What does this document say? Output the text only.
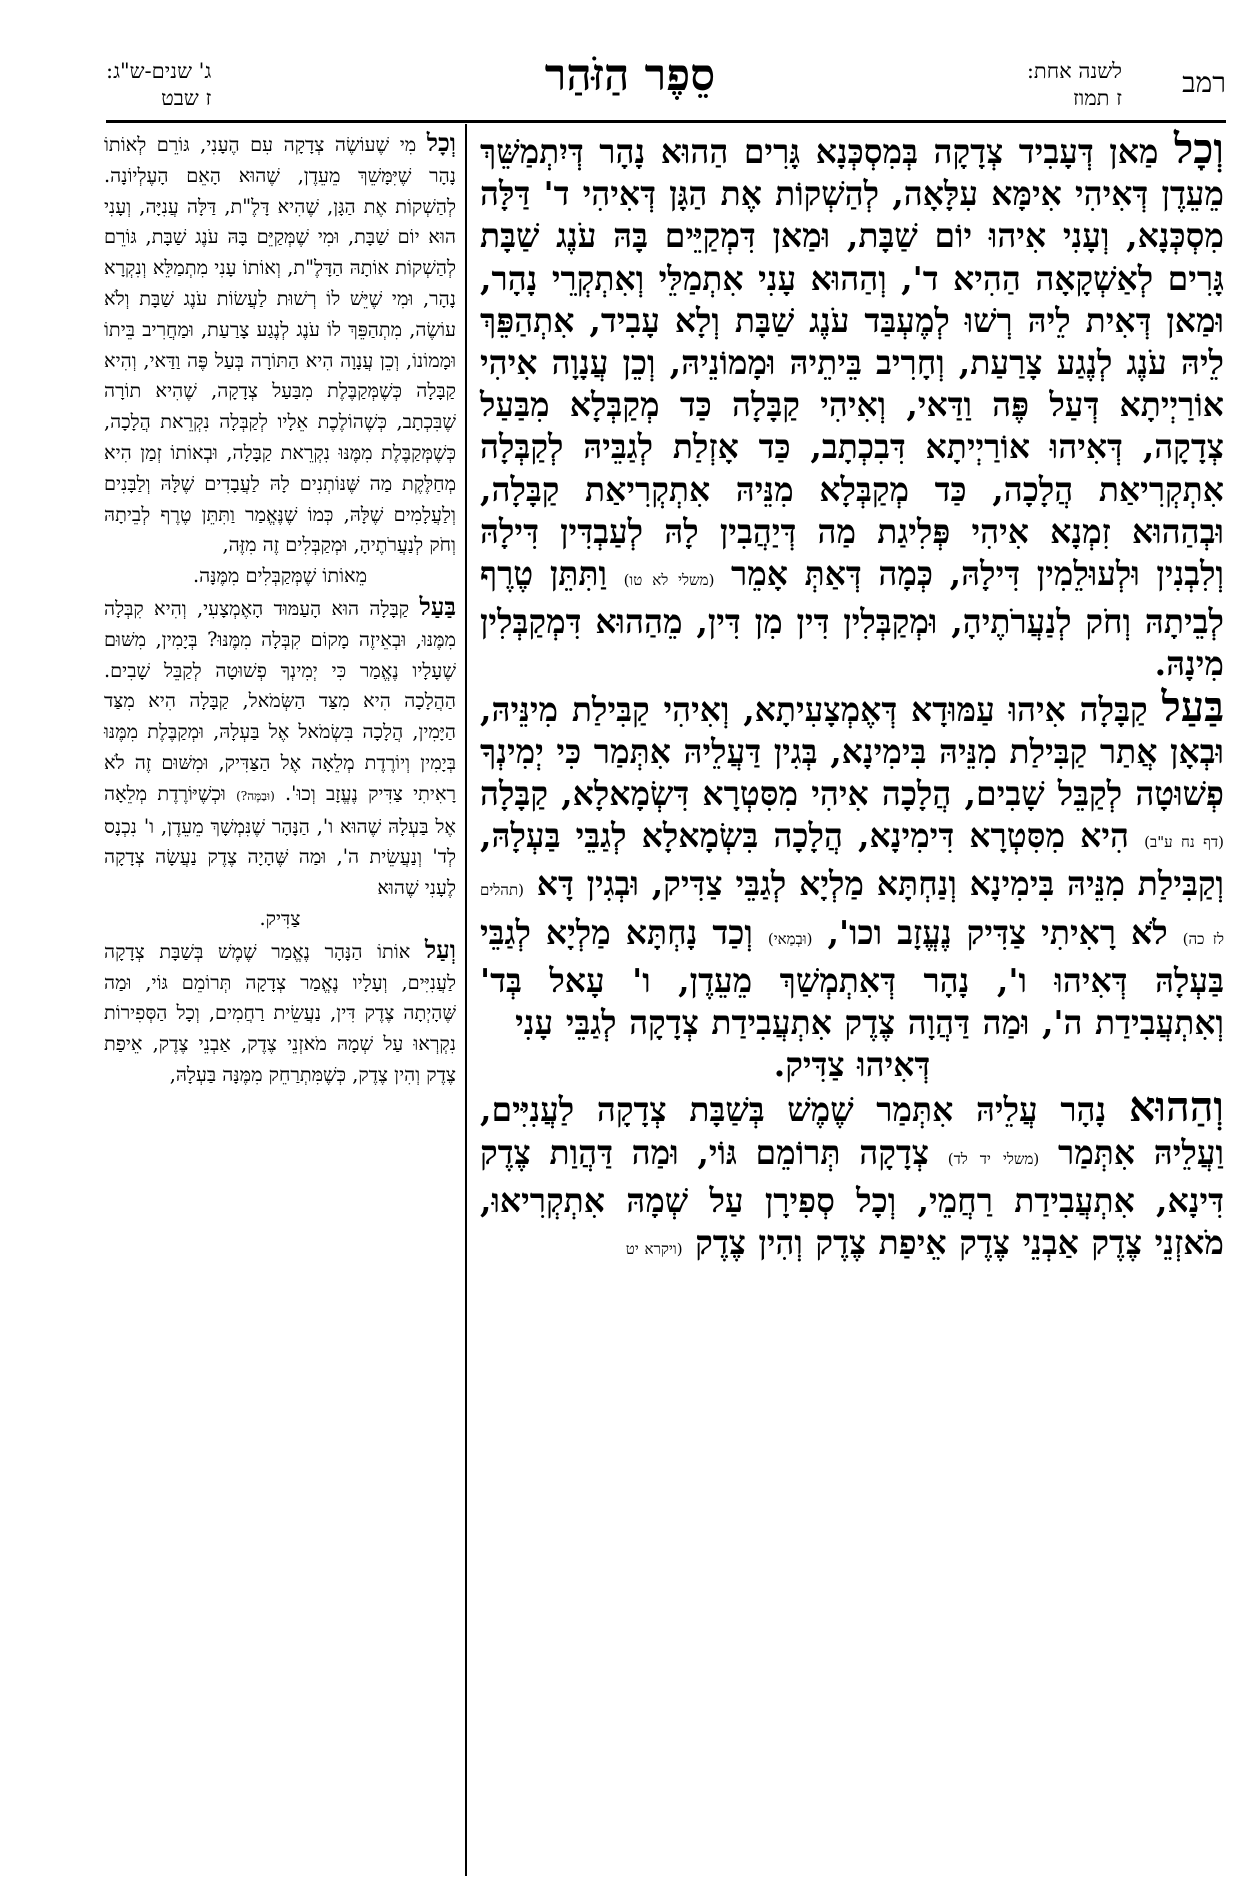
רמב
לשנה אחת:
ז תמוז
סֵפֶר הַזֹּהַר
ג' שנים-ש"ג:
ז שבט

וְכָל מַאן דְּעָבִיד צְדָקָה בְּמִסְכְּנָא גָּרִים הַהוּא נָהָר דְּיִתְמַשֵּׁךְ מֵעֵדֶן דְּאִיהִי אִימָּא עִלָּאָה, לְהַשְׁקוֹת אֶת הַגָּן דְּאִיהִי ד' דַּלָּה מִסְכְּנָא, וְעָנִי אִיהוּ יוֹם שַׁבָּת, וּמַאן דִּמְקַיֵּים בָּהּ עֹנֶג שַׁבָּת גָּרִים לְאַשְׁקָאָה הַהִיא ד', וְהַהוּא עָנִי אִתְמַלֵּי וְאִתְקְרֵי נָהָר, וּמַאן דְּאִית לֵיהּ רְשׁוּ לְמֶעְבַּד עֹנֶג שַׁבָּת וְלָא עָבִיד, אִתְהַפֵּךְ לֵיהּ עֹנֶג לְנֶגַע צָרַעַת, וְחָרִיב בֵּיתֵיהּ וּמָמוֹנֵיהּ, וְכֵן עֲנָוָה אִיהִי אוֹרַיְיתָא דְּעַל פֶּה וַדַּאי, וְאִיהִי קַבָּלָה כַּד מְקַבְּלָא מִבַּעַל צְדָקָה, דְּאִיהוּ אוֹרַיְיתָא דִּבִכְתָב, כַּד אָזְלַת לְגַבֵּיהּ לְקַבְּלָה אִתְקְרִיאַת הֲלָכָה, כַּד מְקַבְּלָא מִנֵּיהּ אִתְקְרִיאַת קַבָּלָה, וּבְהַהוּא זִמְנָא אִיהִי פְּלִיגַת מַה דְּיַהֲבִין לָהּ לְעַבְדִּין דִּילָהּ וְלִבְנִין וּלְעוּלֵמִין דִּילָהּ, כְּמָה דְּאַתְּ אָמֵר (משלי לא טו) וַתִּתֵּן טֶרֶף לְבֵיתָהּ וְחֹק לְנַעֲרֹתֶיהָ, וּמְקַבְּלִין דִּין מִן דִּין, מֵהַהוּא דִּמְקַבְּלִין מִינָהּ.

בַּעַל קַבָּלָה אִיהוּ עַמּוּדָא דְּאֶמְצָעִיתָא, וְאִיהִי קַבִּילַת מִינֵּיהּ, וּבְאָן אֲתַר קַבִּילַת מִנֵּיהּ בִּימִינָא, בְּגִין דַּעֲלֵיהּ אִתְּמַר כִּי יְמִינְךָ פְשׁוּטָה לְקַבֵּל שָׁבִים, הֲלָכָה אִיהִי מִסִּטְרָא דִּשְׂמָאלָא, קַבָּלָה (דף נח ע"ב) הִיא מִסִּטְרָא דִּימִינָא, הֲלָכָה בִּשְׂמָאלָא לְגַבֵּי בַּעְלָהּ, וְקַבִּילַת מִנֵּיהּ בִּימִינָא וְנַחְתָּא מַלְיָא לְגַבֵּי צַדִּיק, וּבְגִין דָּא (תהלים לז כה) לֹא רָאִיתִי צַדִּיק נֶעֱזָב וכו', (וּבְמַאי) וְכַד נָחְתָּא מַלְיָא לְגַבֵּי בַּעְלָהּ דְּאִיהוּ ו', נָהָר דְּאִתְמְשַׁךְ מֵעֵדֶן, ו' עָאל בְּד' וְאִתְעֲבִידַת ה', וּמַה דַּהֲוָה צֶדֶק אִתְעֲבִידַת צְדָקָה לְגַבֵּי עָנִי

דְּאִיהוּ צַדִּיק.

וְהַהוּא נָהָר עֲלֵיהּ אִתְּמַר שֶׁמֶשׁ בְּשַׁבָּת צְדָקָה לַעֲנִיִּים, וַעֲלֵיהּ אִתְּמַר (משלי יד לד) צְדָקָה תְּרוֹמֵם גּוֹי, וּמַה דַּהֲוַת צֶדֶק דִּינָא, אִתְעֲבִידַת רַחֲמֵי, וְכָל סְפִירָן עַל שְׁמָהּ אִתְקְרִיאוּ, מֹאזְנֵי צֶדֶק אַבְנֵי צֶדֶק אֵיפַת צֶדֶק וְהִין צֶדֶק (ויקרא יט

וְכָל מִי שֶׁעוֹשֶׂה צְדָקָה עִם הֶעָנִי, גּוֹרֵם לְאוֹתוֹ נָהָר שֶׁיִּמָּשֵׁךְ מֵעֵדֶן, שֶׁהוּא הָאֵם הָעֶלְיוֹנָה. לְהַשְׁקוֹת אֶת הַגָּן, שֶׁהִיא דָּלֶ"ת, דַּלָּה עֲנִיָּה, וְעָנִי הוּא יוֹם שַׁבָּת, וּמִי שֶׁמְּקַיֵּם בָּהּ עֹנֶג שַׁבָּת, גּוֹרֵם לְהַשְׁקוֹת אוֹתָהּ הַדָּלֶ"ת, וְאוֹתוֹ עָנִי מִתְמַלֵּא וְנִקְרָא נָהָר, וּמִי שֶׁיֵּשׁ לוֹ רְשׁוּת לַעֲשׂוֹת עֹנֶג שַׁבָּת וְלֹא עוֹשֶׂה, מִתְהַפֵּךְ לוֹ עֹנֶג לְנֶגַע צָרַעַת, וּמַחֲרִיב בֵּיתוֹ וּמָמוֹנוֹ, וְכֵן עֲנָוָה הִיא הַתּוֹרָה בְּעַל פֶּה וַדַּאי, וְהִיא קַבָּלָה כְּשֶׁמְּקַבֶּלֶת מִבַּעַל צְדָקָה, שֶׁהִיא תוֹרָה שֶׁבִּכְתָב, כְּשֶׁהוֹלֶכֶת אֵלָיו לְקַבְּלָה נִקְרֵאת הֲלָכָה, כְּשֶׁמְּקַבֶּלֶת מִמֶּנּוּ נִקְרֵאת קַבָּלָה, וּבְאוֹתוֹ זְמַן הִיא מְחַלֶּקֶת מַה שֶּׁנּוֹתְנִים לָהּ לַעֲבָדִים שֶׁלָּהּ וְלַבָּנִים וְלַעֲלָמִים שֶׁלָּהּ, כְּמוֹ שֶׁנֶּאֱמַר וַתִּתֵּן טֶרֶף לְבֵיתָהּ וְחֹק לְנַעֲרֹתֶיהָ, וּמְקַבְּלִים זֶה מִזֶּה,

מֵאוֹתוֹ שֶׁמְּקַבְּלִים מִמֶּנָּה.

בַּעַל קַבָּלָה הוּא הָעַמּוּד הָאֶמְצָעִי, וְהִיא קִבְּלָה מִמֶּנּוּ, וּבְאֵיזֶה מָקוֹם קִבְּלָה מִמֶּנּוּ? בְּיָמִין, מִשּׁוּם שֶׁעָלָיו נֶאֱמַר כִּי יְמִינְךָ פְשׁוּטָה לְקַבֵּל שָׁבִים. הַהֲלָכָה הִיא מִצַּד הַשְּׂמֹאל, קַבָּלָה הִיא מִצַּד הַיָּמִין, הֲלָכָה בִּשְׂמֹאל אֶל בַּעְלָהּ, וּמְקַבֶּלֶת מִמֶּנּוּ בְּיָמִין וְיוֹרֶדֶת מְלֵאָה אֶל הַצַּדִּיק, וּמִשּׁוּם זֶה לֹא רָאִיתִי צַדִּיק נֶעֱזָב וְכוּ'. (וּבַמֶּה?) וּכְשֶׁיּוֹרֶדֶת מְלֵאָה אֶל בַּעְלָהּ שֶׁהוּא ו', הַנָּהָר שֶׁנִּמְשָׁךְ מֵעֵדֶן, ו' נִכְנָס לְד' וְנַעֲשֵׂית ה', וּמַה שֶּׁהָיָה צֶדֶק נַעֲשָׂה צְדָקָה לֶעָנִי שֶׁהוּא

צַדִּיק.

וְעַל אוֹתוֹ הַנָּהָר נֶאֱמַר שֶׁמֶשׁ בְּשַׁבָּת צְדָקָה לַעֲנִיִּים, וְעָלָיו נֶאֱמַר צְדָקָה תְּרוֹמֵם גּוֹי, וּמַה שֶּׁהָיְתָה צֶדֶק דִּין, נַעֲשֵׂית רַחֲמִים, וְכָל הַסְּפִירוֹת נִקְרְאוּ עַל שְׁמָהּ מֹאזְנֵי צֶדֶק, אַבְנֵי צֶדֶק, אֵיפַת צֶדֶק וְהִין צֶדֶק, כְּשֶׁמִּתְרַחֵק מִמֶּנָּה בַּעְלָהּ,
